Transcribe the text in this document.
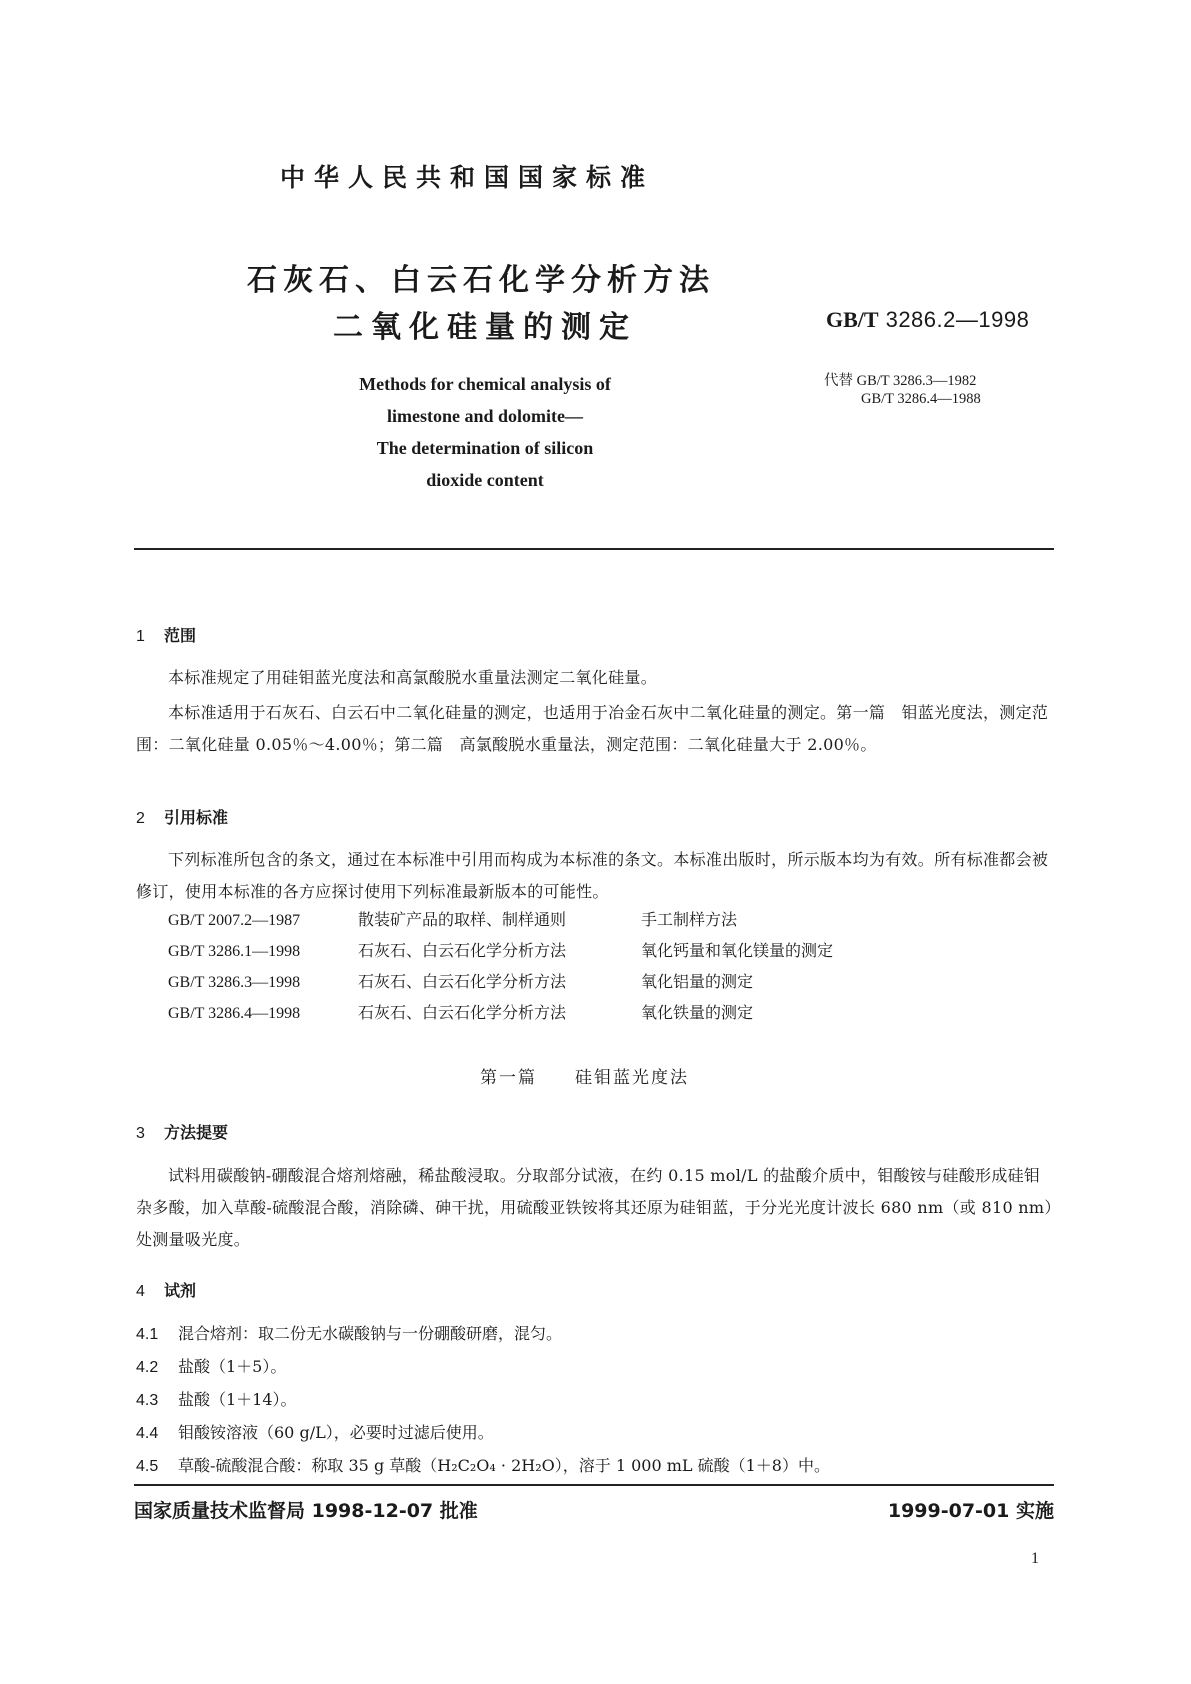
中华人民共和国国家标准
石灰石、白云石化学分析方法
二氧化硅量的测定	GB/T 3286.2—1998
Methods for chemical analysis of
limestone and dolomite—
The determination of silicon
dioxide content
代替 GB/T 3286.3—1982
GB/T 3286.4—1988
1 范围
本标准规定了用硅钼蓝光度法和高氯酸脱水重量法测定二氧化硅量。
本标准适用于石灰石、白云石中二氧化硅量的测定，也适用于冶金石灰中二氧化硅量的测定。第一篇　钼蓝光度法，测定范围：二氧化硅量 0.05％～4.00％；第二篇　高氯酸脱水重量法，测定范围：二氧化硅量大于 2.00％。
2 引用标准
下列标准所包含的条文，通过在本标准中引用而构成为本标准的条文。本标准出版时，所示版本均为有效。所有标准都会被修订，使用本标准的各方应探讨使用下列标准最新版本的可能性。
GB/T 2007.2—1987	散装矿产品的取样、制样通则	手工制样方法
GB/T 3286.1—1998	石灰石、白云石化学分析方法	氧化钙量和氧化镁量的测定
GB/T 3286.3—1998	石灰石、白云石化学分析方法	氧化铝量的测定
GB/T 3286.4—1998	石灰石、白云石化学分析方法	氧化铁量的测定
第一篇　　硅钼蓝光度法
3 方法提要
试料用碳酸钠-硼酸混合熔剂熔融，稀盐酸浸取。分取部分试液，在约 0.15 mol/L 的盐酸介质中，钼酸铵与硅酸形成硅钼杂多酸，加入草酸-硫酸混合酸，消除磷、砷干扰，用硫酸亚铁铵将其还原为硅钼蓝，于分光光度计波长 680 nm（或 810 nm）处测量吸光度。
4 试剂
4.1 混合熔剂：取二份无水碳酸钠与一份硼酸研磨，混匀。
4.2 盐酸（1＋5）。
4.3 盐酸（1＋14）。
4.4 钼酸铵溶液（60 g/L），必要时过滤后使用。
4.5 草酸-硫酸混合酸：称取 35 g 草酸（H₂C₂O₄ · 2H₂O），溶于 1 000 mL 硫酸（1＋8）中。
国家质量技术监督局 1998-12-07 批准	1999-07-01 实施
1
